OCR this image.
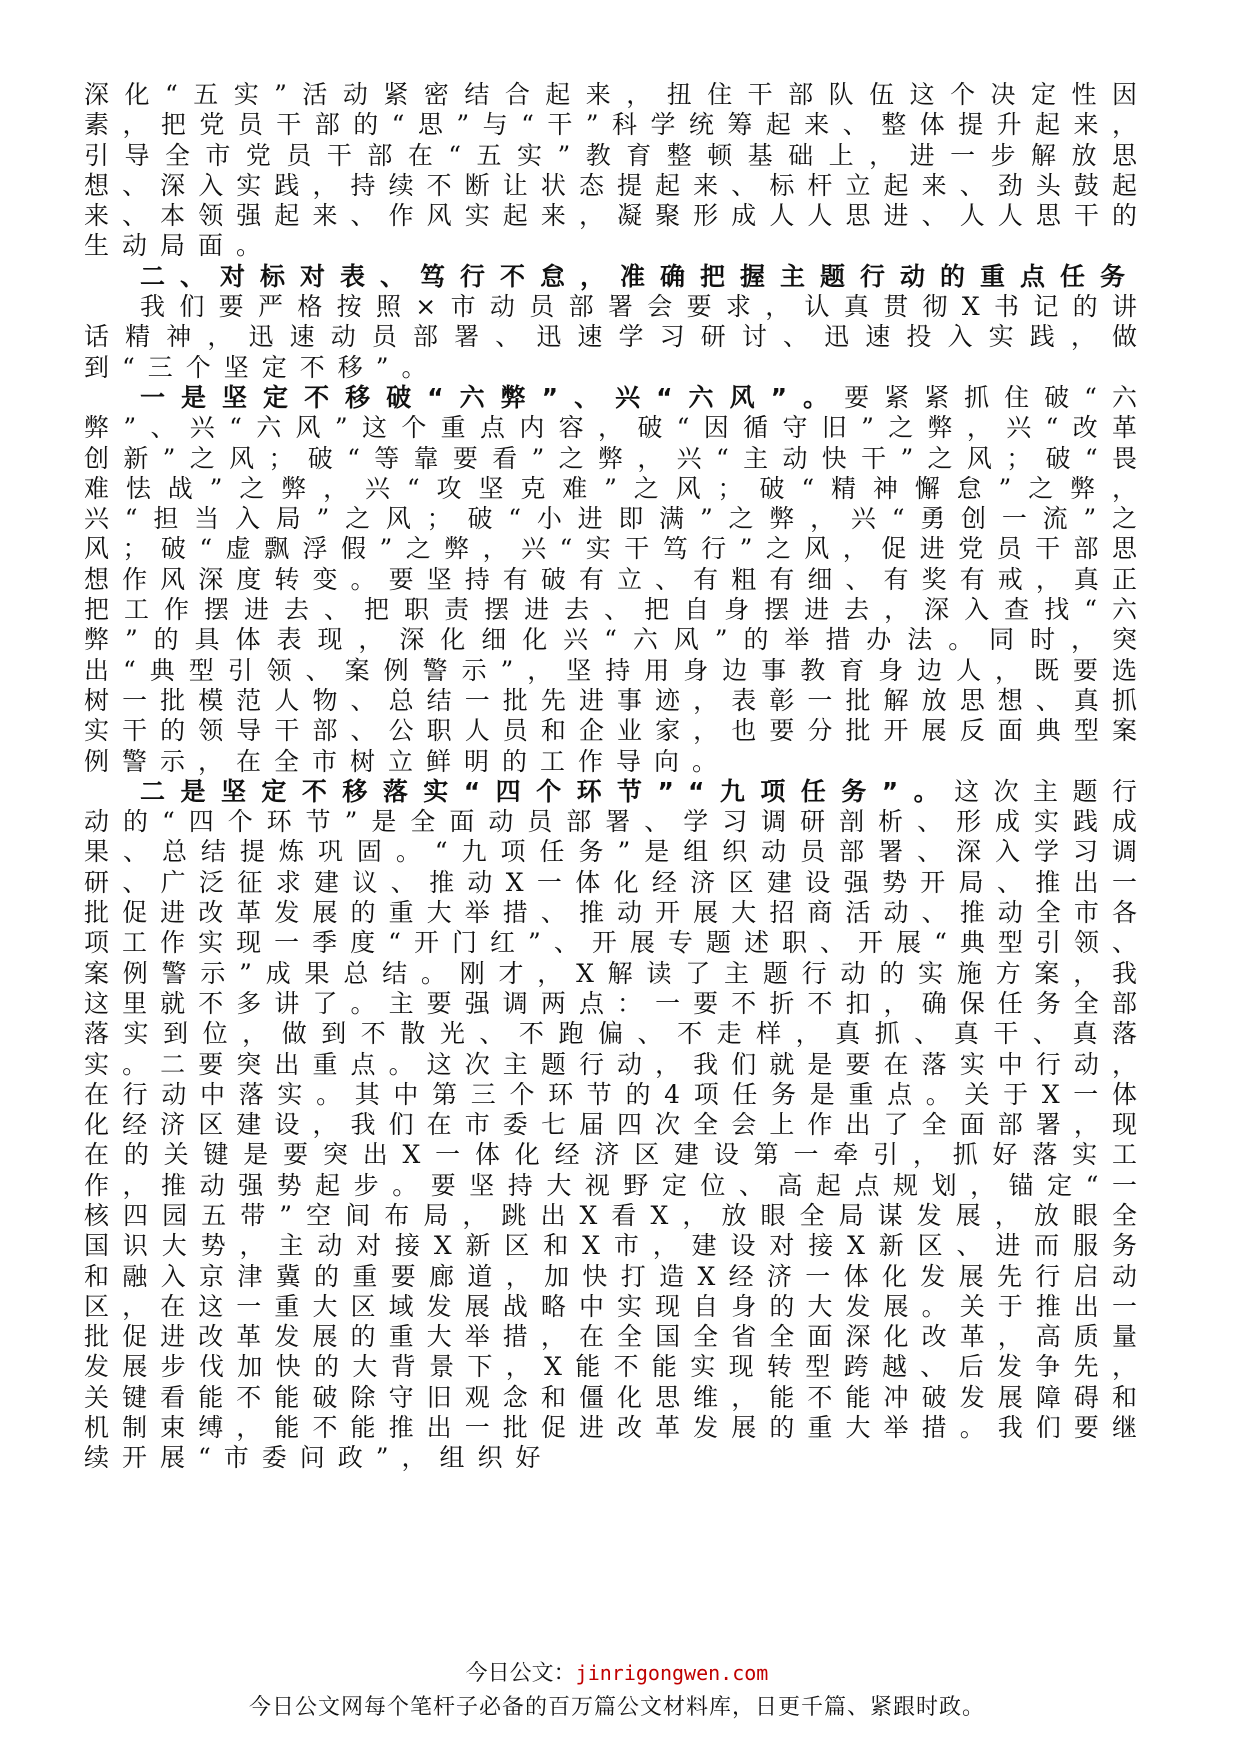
深化“五实”活动紧密结合起来，扭住干部队伍这个决定性因素，把党员干部的“思”与“干”科学统筹起来、整体提升起来，引导全市党员干部在“五实”教育整顿基础上，进一步解放思想、深入实践，持续不断让状态提起来、标杆立起来、劲头鼓起来、本领强起来、作风实起来，凝聚形成人人思进、人人思干的生动局面。

二、对标对表、笃行不怠，准确把握主题行动的重点任务

我们要严格按照×市动员部署会要求，认真贯彻X书记的讲话精神，迅速动员部署、迅速学习研讨、迅速投入实践，做到“三个坚定不移”。

一是坚定不移破“六弊”、兴“六风”。要紧紧抓住破“六弊”、兴“六风”这个重点内容，破“因循守旧”之弊，兴“改革创新”之风；破“等靠要看”之弊，兴“主动快干”之风；破“畏难怯战”之弊，兴“攻坚克难”之风；破“精神懈怠”之弊，兴“担当入局”之风；破“小进即满”之弊，兴“勇创一流”之风；破“虚飘浮假”之弊，兴“实干笃行”之风，促进党员干部思想作风深度转变。要坚持有破有立、有粗有细、有奖有戒，真正把工作摆进去、把职责摆进去、把自身摆进去，深入查找“六弊”的具体表现，深化细化兴“六风”的举措办法。同时，突出“典型引领、案例警示”，坚持用身边事教育身边人，既要选树一批模范人物、总结一批先进事迹，表彰一批解放思想、真抓实干的领导干部、公职人员和企业家，也要分批开展反面典型案例警示，在全市树立鲜明的工作导向。

二是坚定不移落实“四个环节”“九项任务”。这次主题行动的“四个环节”是全面动员部署、学习调研剖析、形成实践成果、总结提炼巩固。“九项任务”是组织动员部署、深入学习调研、广泛征求建议、推动X一体化经济区建设强势开局、推出一批促进改革发展的重大举措、推动开展大招商活动、推动全市各项工作实现一季度“开门红”、开展专题述职、开展“典型引领、案例警示”成果总结。刚才，X解读了主题行动的实施方案，我这里就不多讲了。主要强调两点：一要不折不扣，确保任务全部落实到位，做到不散光、不跑偏、不走样，真抓、真干、真落实。二要突出重点。这次主题行动，我们就是要在落实中行动，在行动中落实。其中第三个环节的4项任务是重点。关于X一体化经济区建设，我们在市委七届四次全会上作出了全面部署，现在的关键是要突出X一体化经济区建设第一牵引，抓好落实工作，推动强势起步。要坚持大视野定位、高起点规划，锚定“一核四园五带”空间布局，跳出X看X，放眼全局谋发展，放眼全国识大势，主动对接X新区和X市，建设对接X新区、进而服务和融入京津冀的重要廊道，加快打造X经济一体化发展先行启动区，在这一重大区域发展战略中实现自身的大发展。关于推出一批促进改革发展的重大举措，在全国全省全面深化改革，高质量发展步伐加快的大背景下，X能不能实现转型跨越、后发争先，关键看能不能破除守旧观念和僵化思维，能不能冲破发展障碍和机制束缚，能不能推出一批促进改革发展的重大举措。我们要继续开展“市委问政”，组织好

今日公文：jinrigongwen.com
今日公文网每个笔杆子必备的百万篇公文材料库，日更千篇、紧跟时政。
